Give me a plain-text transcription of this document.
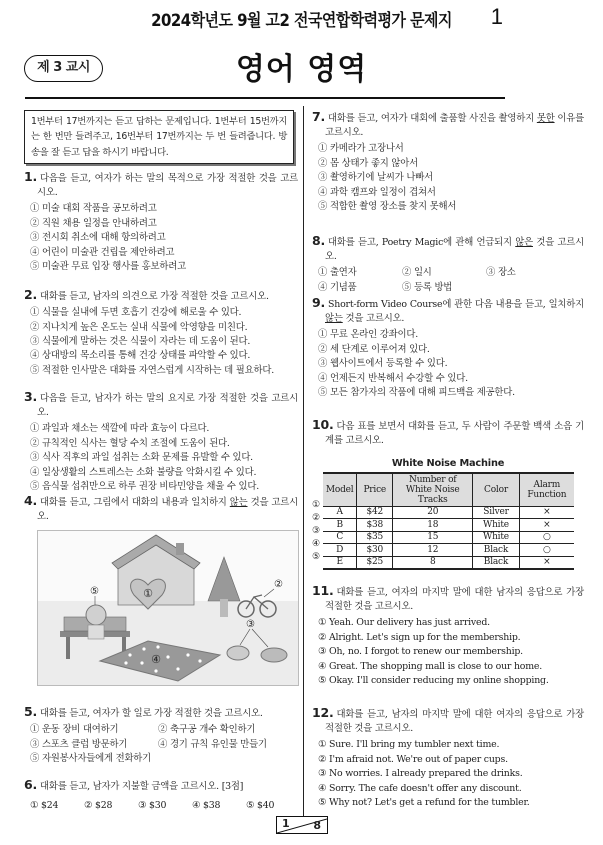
2024학년도 9월 고2 전국연합학력평가 문제지	1
제 3 교시	영어 영역
1번부터 17번까지는 듣고 답하는 문제입니다. 1번부터 15번까지는 한 번만 들려주고, 16번부터 17번까지는 두 번 들려줍니다. 방송을 잘 듣고 답을 하시기 바랍니다.
1. 다음을 듣고, 여자가 하는 말의 목적으로 가장 적절한 것을 고르시오.
① 미술 대회 작품을 공모하려고
② 직원 채용 일정을 안내하려고
③ 전시회 취소에 대해 항의하려고
④ 어린이 미술관 건립을 제안하려고
⑤ 미술관 무료 입장 행사를 홍보하려고
2. 대화를 듣고, 남자의 의견으로 가장 적절한 것을 고르시오.
① 식물을 실내에 두면 호흡기 건강에 해로울 수 있다.
② 지나치게 높은 온도는 실내 식물에 악영향을 미친다.
③ 식물에게 말하는 것은 식물이 자라는 데 도움이 된다.
④ 상대방의 목소리를 통해 건강 상태를 파악할 수 있다.
⑤ 적절한 인사말은 대화를 자연스럽게 시작하는 데 필요하다.
3. 다음을 듣고, 남자가 하는 말의 요지로 가장 적절한 것을 고르시오.
① 과일과 채소는 색깔에 따라 효능이 다르다.
② 규칙적인 식사는 혈당 수치 조절에 도움이 된다.
③ 식사 직후의 과일 섭취는 소화 문제를 유발할 수 있다.
④ 일상생활의 스트레스는 소화 불량을 악화시킬 수 있다.
⑤ 음식물 섭취만으로 하루 권장 비타민양을 채울 수 있다.
4. 대화를 듣고, 그림에서 대화의 내용과 일치하지 않는 것을 고르시오.
①
②
⑤
④
③
5. 대화를 듣고, 여자가 할 일로 가장 적절한 것을 고르시오.
① 운동 장비 대여하기	② 축구공 개수 확인하기
③ 스포츠 클럽 방문하기	④ 경기 규칙 유인물 만들기
⑤ 자원봉사자들에게 전화하기
6. 대화를 듣고, 남자가 지불할 금액을 고르시오. [3점]
① $24	② $28	③ $30	④ $38	⑤ $40
7. 대화를 듣고, 여자가 대회에 출품할 사진을 촬영하지 못한 이유를 고르시오.
① 카메라가 고장나서
② 몸 상태가 좋지 않아서
③ 촬영하기에 날씨가 나빠서
④ 과학 캠프와 일정이 겹쳐서
⑤ 적합한 촬영 장소를 찾지 못해서
8. 대화를 듣고, Poetry Magic에 관해 언급되지 않은 것을 고르시오.
① 출연자	② 일시	③ 장소
④ 기념품	⑤ 등록 방법
9. Short-form Video Course에 관한 다음 내용을 듣고, 일치하지 않는 것을 고르시오.
① 무료 온라인 강좌이다.
② 세 단계로 이루어져 있다.
③ 웹사이트에서 등록할 수 있다.
④ 언제든지 반복해서 수강할 수 있다.
⑤ 모든 참가자의 작품에 대해 피드백을 제공한다.
10. 다음 표를 보면서 대화를 듣고, 두 사람이 주문할 백색 소음 기계를 고르시오.
White Noise Machine
Model	Price	Number of White Noise Tracks	Color	Alarm Function
A	$42	20	Silver	×
B	$38	18	White	×
C	$35	15	White	○
D	$30	12	Black	○
E	$25	8	Black	×
①
②
③
④
⑤
11. 대화를 듣고, 여자의 마지막 말에 대한 남자의 응답으로 가장 적절한 것을 고르시오.
① Yeah. Our delivery has just arrived.
② Alright. Let's sign up for the membership.
③ Oh, no. I forgot to renew our membership.
④ Great. The shopping mall is close to our home.
⑤ Okay. I'll consider reducing my online shopping.
12. 대화를 듣고, 남자의 마지막 말에 대한 여자의 응답으로 가장 적절한 것을 고르시오.
① Sure. I'll bring my tumbler next time.
② I'm afraid not. We're out of paper cups.
③ No worries. I already prepared the drinks.
④ Sorry. The cafe doesn't offer any discount.
⑤ Why not? Let's get a refund for the tumbler.
1 8
